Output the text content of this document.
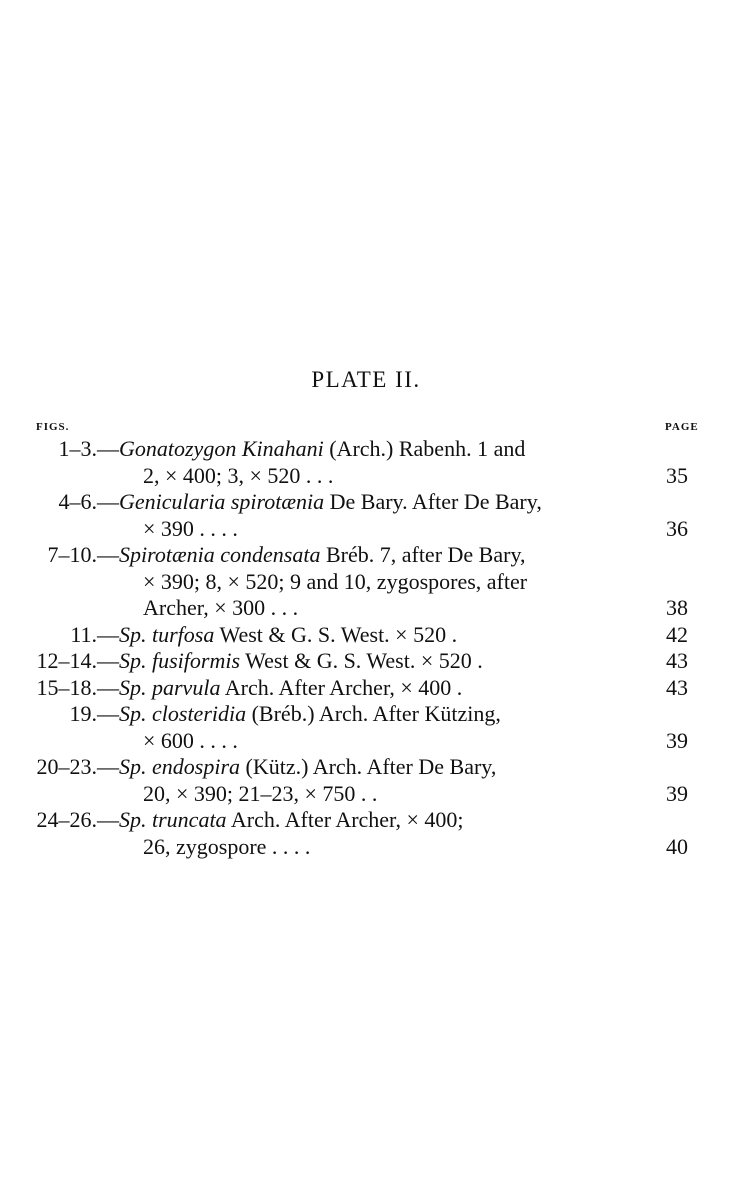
PLATE II.
FIGS.	PAGE
1–3. —Gonatozygon Kinahani (Arch.) Rabenh. 1 and
2, × 400; 3, × 520 . . .	35
4–6. —Genicularia spirotænia De Bary. After De Bary,
× 390 . . . .	36
7–10. —Spirotænia condensata Bréb. 7, after De Bary,
× 390; 8, × 520; 9 and 10, zygospores, after
Archer, × 300 . . .	38
11. —Sp. turfosa West & G. S. West. × 520 .	42
12–14. —Sp. fusiformis West & G. S. West. × 520 .	43
15–18. —Sp. parvula Arch. After Archer, × 400 .	43
19. —Sp. closteridia (Bréb.) Arch. After Kützing,
× 600 . . . .	39
20–23. —Sp. endospira (Kütz.) Arch. After De Bary,
20, × 390; 21–23, × 750 . .	39
24–26. —Sp. truncata Arch. After Archer, × 400;
26, zygospore . . . .	40
